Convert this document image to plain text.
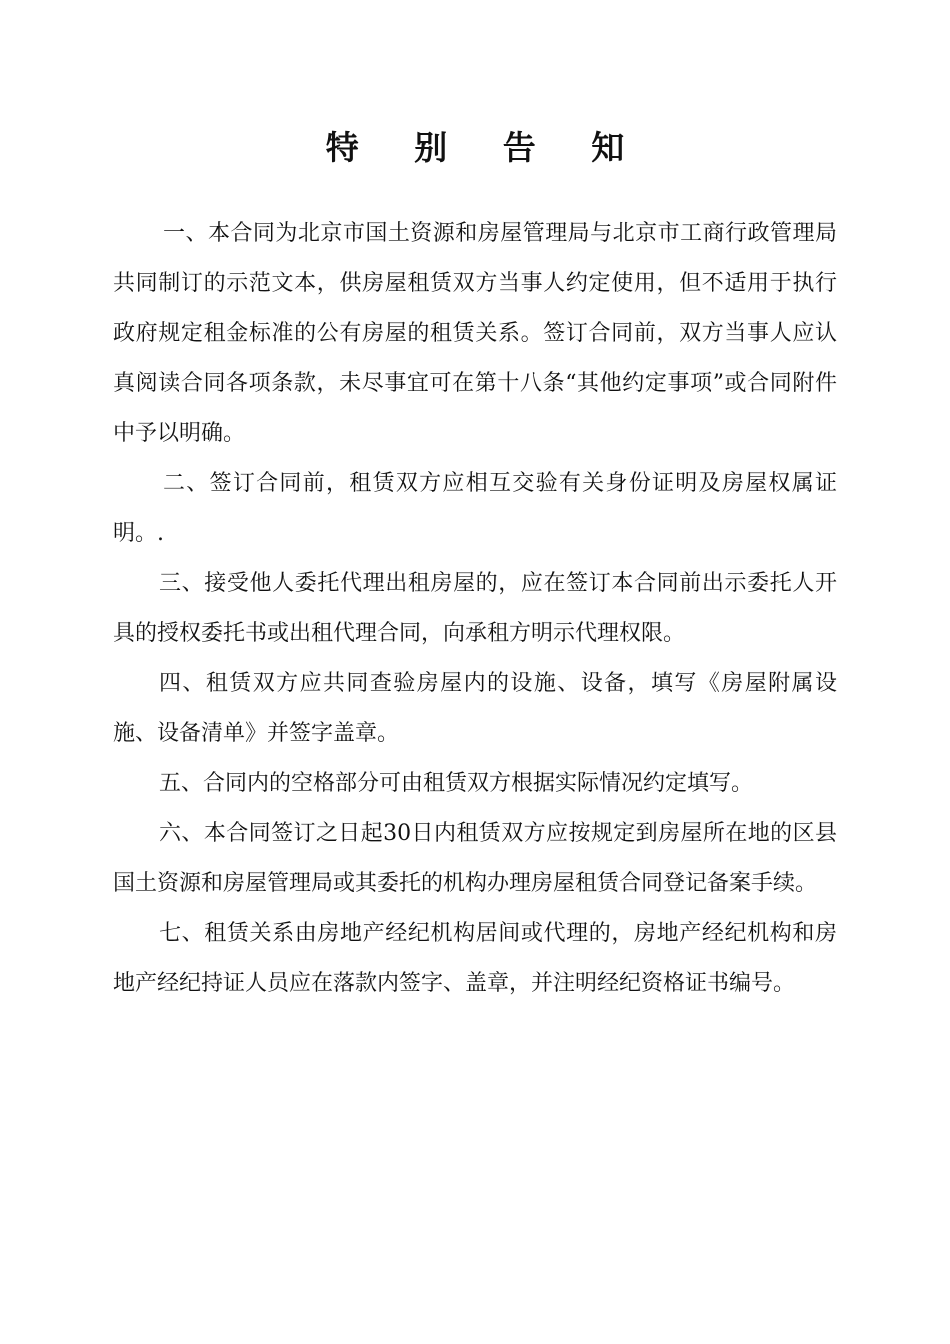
特 别 告 知

一、本合同为北京市国土资源和房屋管理局与北京市工商行政管理局共同制订的示范文本，供房屋租赁双方当事人约定使用，但不适用于执行政府规定租金标准的公有房屋的租赁关系。签订合同前，双方当事人应认真阅读合同各项条款，未尽事宜可在第十八条“其他约定事项”或合同附件中予以明确。

二、签订合同前，租赁双方应相互交验有关身份证明及房屋权属证明。.

三、接受他人委托代理出租房屋的，应在签订本合同前出示委托人开具的授权委托书或出租代理合同，向承租方明示代理权限。

四、租赁双方应共同查验房屋内的设施、设备，填写《房屋附属设施、设备清单》并签字盖章。

五、合同内的空格部分可由租赁双方根据实际情况约定填写。

六、本合同签订之日起30日内租赁双方应按规定到房屋所在地的区县国土资源和房屋管理局或其委托的机构办理房屋租赁合同登记备案手续。

七、租赁关系由房地产经纪机构居间或代理的，房地产经纪机构和房地产经纪持证人员应在落款内签字、盖章，并注明经纪资格证书编号。
